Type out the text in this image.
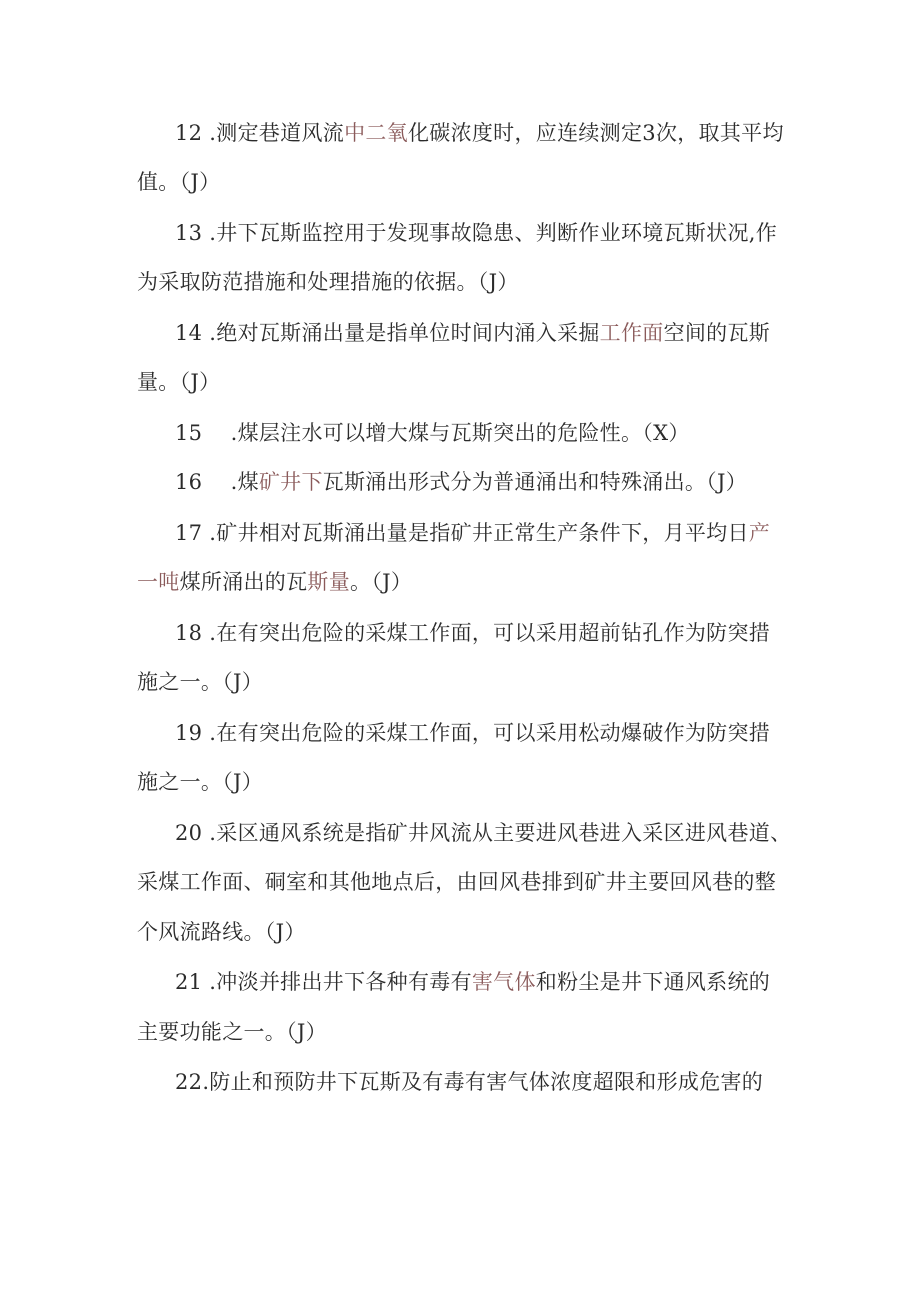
12 .测定巷道风流中二氧化碳浓度时，应连续测定3次，取其平均
值。（J）
13 .井下瓦斯监控用于发现事故隐患、判断作业环境瓦斯状况,作
为采取防范措施和处理措施的依据。（J）
14 .绝对瓦斯涌出量是指单位时间内涌入采掘工作面空间的瓦斯
量。（J）
15　 .煤层注水可以增大煤与瓦斯突出的危险性。（X）
16　 .煤矿井下瓦斯涌出形式分为普通涌出和特殊涌出。（J）
17 .矿井相对瓦斯涌出量是指矿井正常生产条件下，月平均日产
一吨煤所涌出的瓦斯量。（J）
18 .在有突出危险的采煤工作面，可以采用超前钻孔作为防突措
施之一。（J）
19 .在有突出危险的采煤工作面，可以采用松动爆破作为防突措
施之一。（J）
20 .采区通风系统是指矿井风流从主要进风巷进入采区进风巷道、
采煤工作面、硐室和其他地点后，由回风巷排到矿井主要回风巷的整
个风流路线。（J）
21 .冲淡并排出井下各种有毒有害气体和粉尘是井下通风系统的
主要功能之一。（J）
22.防止和预防井下瓦斯及有毒有害气体浓度超限和形成危害的
